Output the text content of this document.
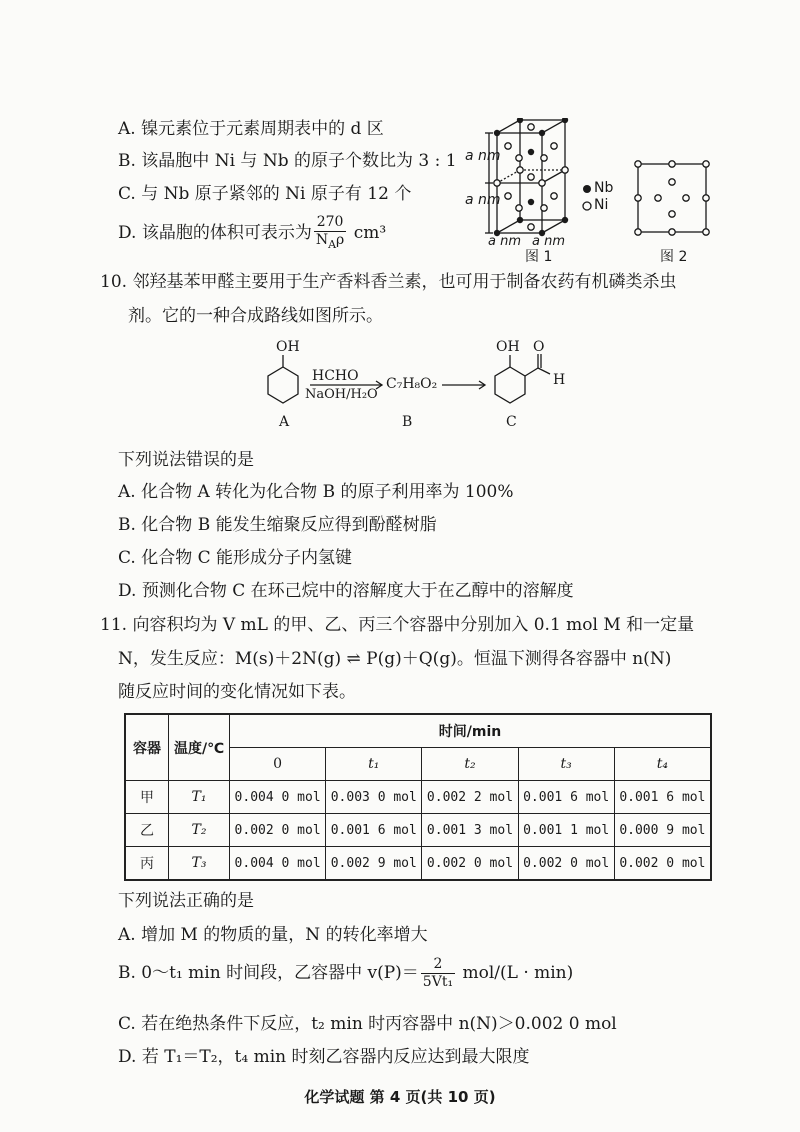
A. 镍元素位于元素周期表中的 d 区
B. 该晶胞中 Ni 与 Nb 的原子个数比为 3 : 1
C. 与 Nb 原子紧邻的 Ni 原子有 12 个
D. 该晶胞的体积可表示为 $\frac{270}{N_A\rho} cm^3$
a nm
a nm
a nm a nm
Nb
Ni
图 1	图 2
10. 邻羟基苯甲醛主要用于生产香料香兰素，也可用于制备农药有机磷类杀虫
剂。它的一种合成路线如图所示。
OH
HCHO
NaOH/H₂O
C₇H₈O₂
OH O
H
A	B	C
下列说法错误的是
A. 化合物 A 转化为化合物 B 的原子利用率为 100%
B. 化合物 B 能发生缩聚反应得到酚醛树脂
C. 化合物 C 能形成分子内氢键
D. 预测化合物 C 在环己烷中的溶解度大于在乙醇中的溶解度
11. 向容积均为 V mL 的甲、乙、丙三个容器中分别加入 0.1 mol M 和一定量
N，发生反应：M(s)＋2N(g) ⇌ P(g)＋Q(g)。恒温下测得各容器中 n(N)
随反应时间的变化情况如下表。
容器	温度/℃	时间/min				
		0	t₁	t₂	t₃	t₄
甲	T₁	0.004 0 mol	0.003 0 mol	0.002 2 mol	0.001 6 mol	0.001 6 mol
乙	T₂	0.002 0 mol	0.001 6 mol	0.001 3 mol	0.001 1 mol	0.000 9 mol
丙	T₃	0.004 0 mol	0.002 9 mol	0.002 0 mol	0.002 0 mol	0.002 0 mol
下列说法正确的是
A. 增加 M 的物质的量，N 的转化率增大
B. 0～t₁ min 时间段，乙容器中 $v(P)= \frac{2}{\text{5Vt₁}} mol/(L \cdot \min)$
C. 若在绝热条件下反应，t₂ min 时丙容器中 n(N)＞0.002 0 mol
D. 若 T₁＝T₂，t₄ min 时刻乙容器内反应达到最大限度
化学试题 第 4 页(共 10 页)
